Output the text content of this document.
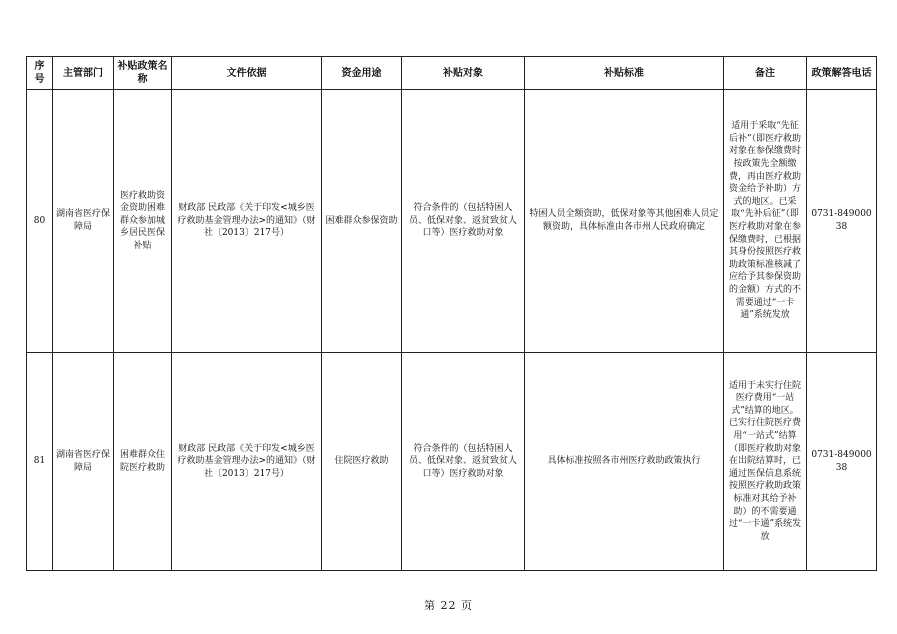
序号	主管部门	补贴政策名称	文件依据	资金用途	补贴对象	补贴标准	备注	政策解答电话
80	湖南省医疗保障局	医疗救助资金资助困难群众参加城乡居民医保补贴	财政部 民政部《关于印发<城乡医疗救助基金管理办法>的通知》（财社〔2013〕217号）	困难群众参保资助	符合条件的（包括特困人员、低保对象、返贫致贫人口等）医疗救助对象	特困人员全额资助，低保对象等其他困难人员定额资助，具体标准由各市州人民政府确定	适用于采取“先征后补”（即医疗救助对象在参保缴费时按政策先全额缴费，再由医疗救助资金给予补助）方式的地区。已采取“先补后征”（即医疗救助对象在参保缴费时，已根据其身份按照医疗救助政策标准核减了应给予其参保资助的金额）方式的不需要通过“一卡通”系统发放	0731-84900038
81	湖南省医疗保障局	困难群众住院医疗救助	财政部 民政部《关于印发<城乡医疗救助基金管理办法>的通知》（财社〔2013〕217号）	住院医疗救助	符合条件的（包括特困人员、低保对象、返贫致贫人口等）医疗救助对象	具体标准按照各市州医疗救助政策执行	适用于未实行住院医疗费用“一站式”结算的地区。已实行住院医疗费用“一站式”结算（即医疗救助对象在出院结算时，已通过医保信息系统按照医疗救助政策标准对其给予补助）的不需要通过“一卡通”系统发放	0731-84900038
第 22 页
